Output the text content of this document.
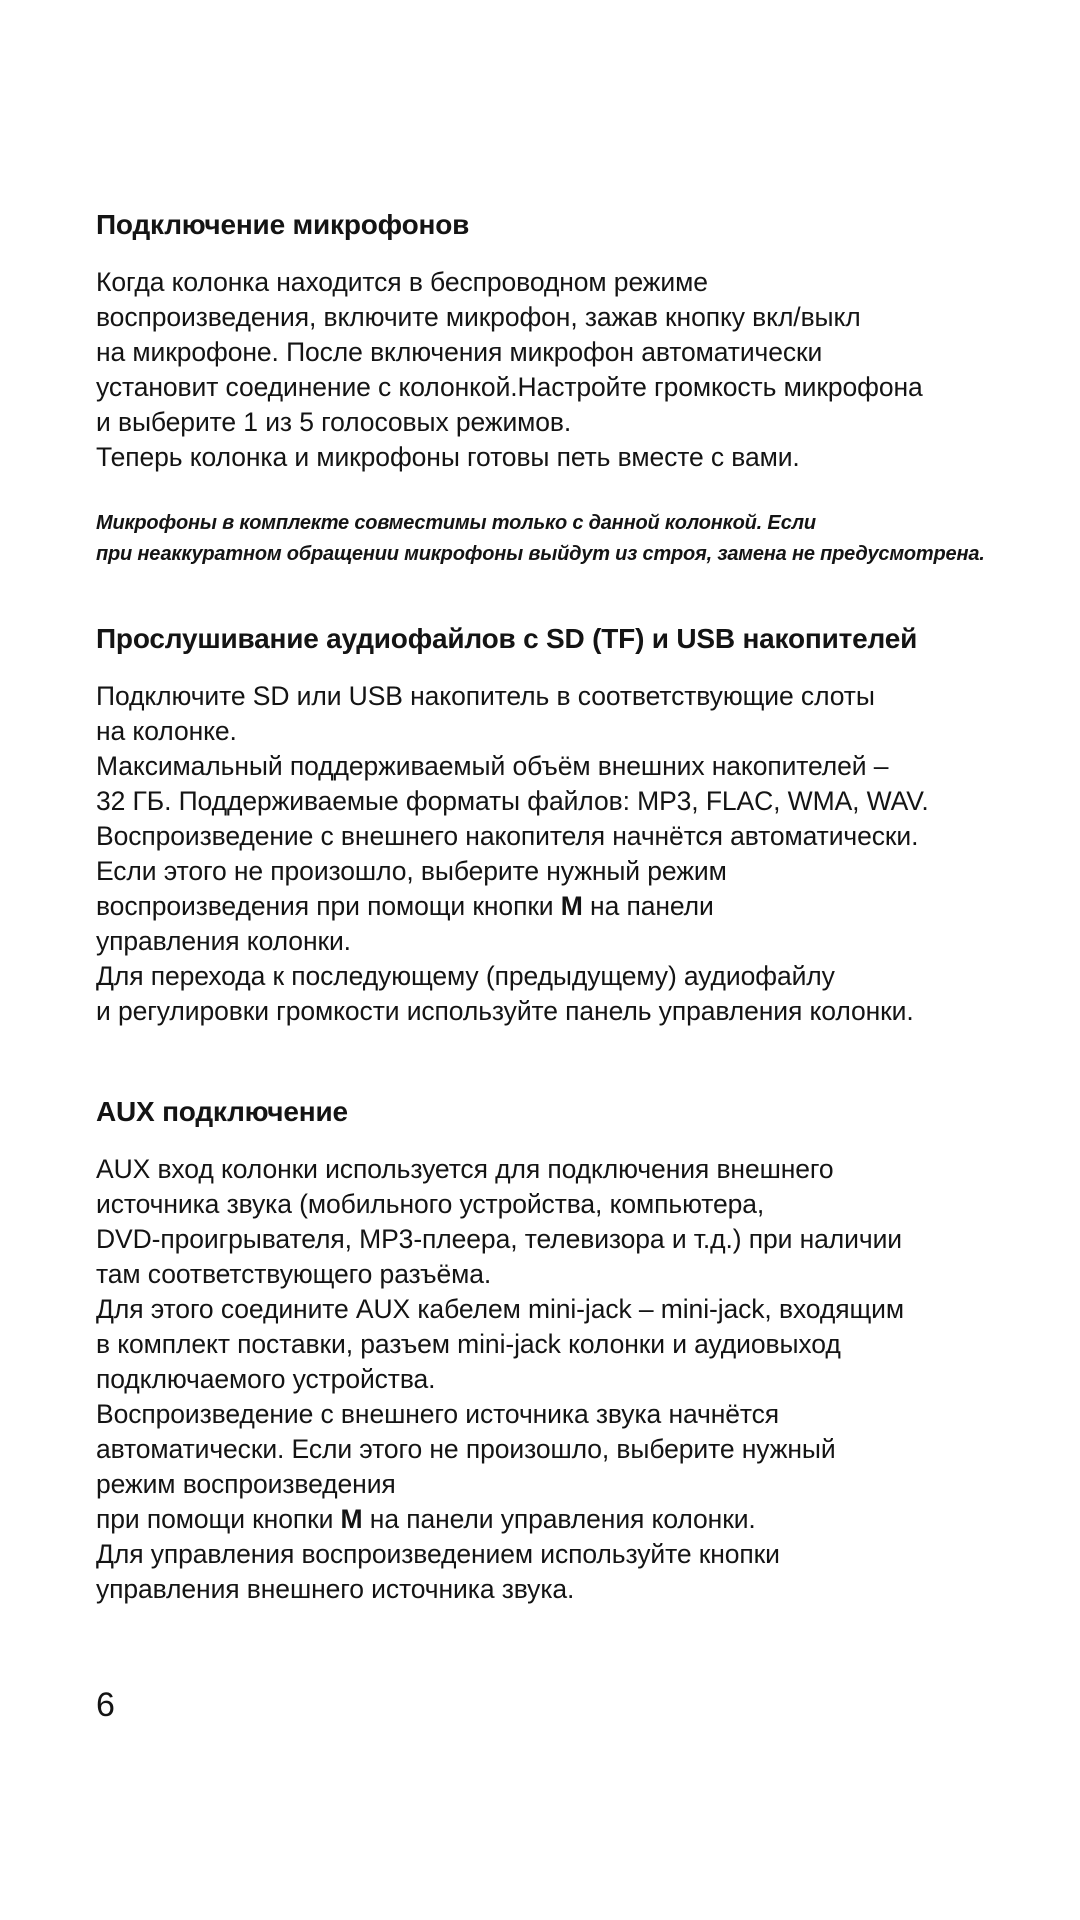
Подключение микрофонов

Когда колонка находится в беспроводном режиме
воспроизведения, включите микрофон, зажав кнопку вкл/выкл
на микрофоне. После включения микрофон автоматически
установит соединение с колонкой.Настройте громкость микрофона
и выберите 1 из 5 голосовых режимов.
Теперь колонка и микрофоны готовы петь вместе с вами.

Микрофоны в комплекте совместимы только с данной колонкой. Если
при неаккуратном обращении микрофоны выйдут из строя, замена не предусмотрена.

Прослушивание аудиофайлов с SD (TF) и USB накопителей

Подключите SD или USB накопитель в соответствующие слоты
на колонке.
Максимальный поддерживаемый объём внешних накопителей –
32 ГБ. Поддерживаемые форматы файлов: MP3, FLAC, WMA, WAV.
Воспроизведение с внешнего накопителя начнётся автоматически.
Если этого не произошло, выберите нужный режим
воспроизведения при помощи кнопки M на панели
управления колонки.
Для перехода к последующему (предыдущему) аудиофайлу
и регулировки громкости используйте панель управления колонки.

AUX подключение

AUX вход колонки используется для подключения внешнего
источника звука (мобильного устройства, компьютера,
DVD-проигрывателя, MP3-плеера, телевизора и т.д.) при наличии
там соответствующего разъёма.
Для этого соедините AUX кабелем mini-jack – mini-jack, входящим
в комплект поставки, разъем mini-jack колонки и аудиовыход
подключаемого устройства.
Воспроизведение с внешнего источника звука начнётся
автоматически. Если этого не произошло, выберите нужный
режим воспроизведения
при помощи кнопки M на панели управления колонки.
Для управления воспроизведением используйте кнопки
управления внешнего источника звука.

6
